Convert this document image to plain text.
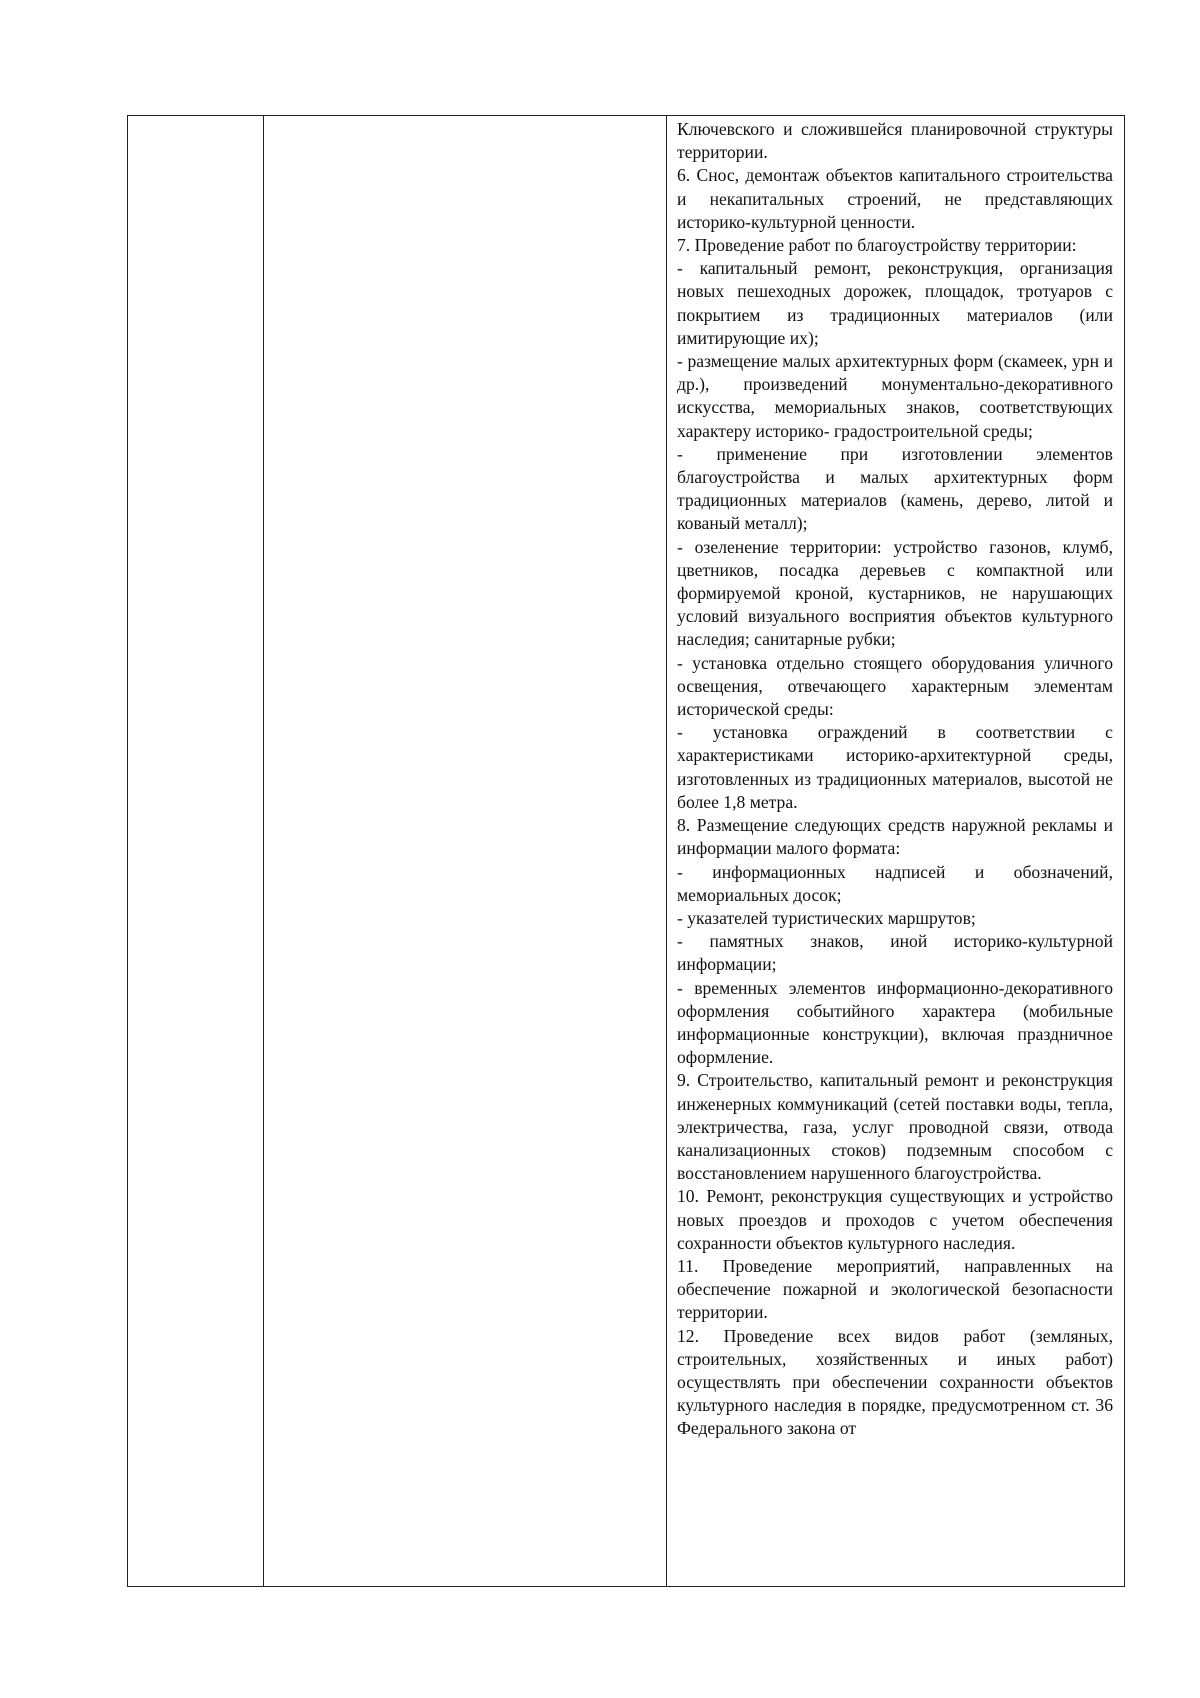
Ключевского и сложившейся планировочной структуры территории.

6. Снос, демонтаж объектов капитального строительства и некапитальных строений, не представляющих историко-культурной ценности.

7. Проведение работ по благоустройству территории:

- капитальный ремонт, реконструкция, организация новых пешеходных дорожек, площадок, тротуаров с покрытием из традиционных материалов (или имитирующие их);

- размещение малых архитектурных форм (скамеек, урн и др.), произведений монументально-декоративного искусства, мемориальных знаков, соответствующих характеру историко- градостроительной среды;

- применение при изготовлении элементов благоустройства и малых архитектурных форм традиционных материалов (камень, дерево, литой и кованый металл);

- озеленение территории: устройство газонов, клумб, цветников, посадка деревьев с компактной или формируемой кроной, кустарников, не нарушающих условий визуального восприятия объектов культурного наследия; санитарные рубки;

- установка отдельно стоящего оборудования уличного освещения, отвечающего характерным элементам исторической среды:

- установка ограждений в соответствии с характеристиками историко-архитектурной среды, изготовленных из традиционных материалов, высотой не более 1,8 метра.

8. Размещение следующих средств наружной рекламы и информации малого формата:

- информационных надписей и обозначений, мемориальных досок;

- указателей туристических маршрутов;

- памятных знаков, иной историко-культурной информации;

- временных элементов информационно-декоративного оформления событийного характера (мобильные информационные конструкции), включая праздничное оформление.

9. Строительство, капитальный ремонт и реконструкция инженерных коммуникаций (сетей поставки воды, тепла, электричества, газа, услуг проводной связи, отвода канализационных стоков) подземным способом с восстановлением нарушенного благоустройства.

10. Ремонт, реконструкция существующих и устройство новых проездов и проходов с учетом обеспечения сохранности объектов культурного наследия.

11. Проведение мероприятий, направленных на обеспечение пожарной и экологической безопасности территории.

12. Проведение всех видов работ (земляных, строительных, хозяйственных и иных работ) осуществлять при обеспечении сохранности объектов культурного наследия в порядке, предусмотренном ст. 36 Федерального закона от
